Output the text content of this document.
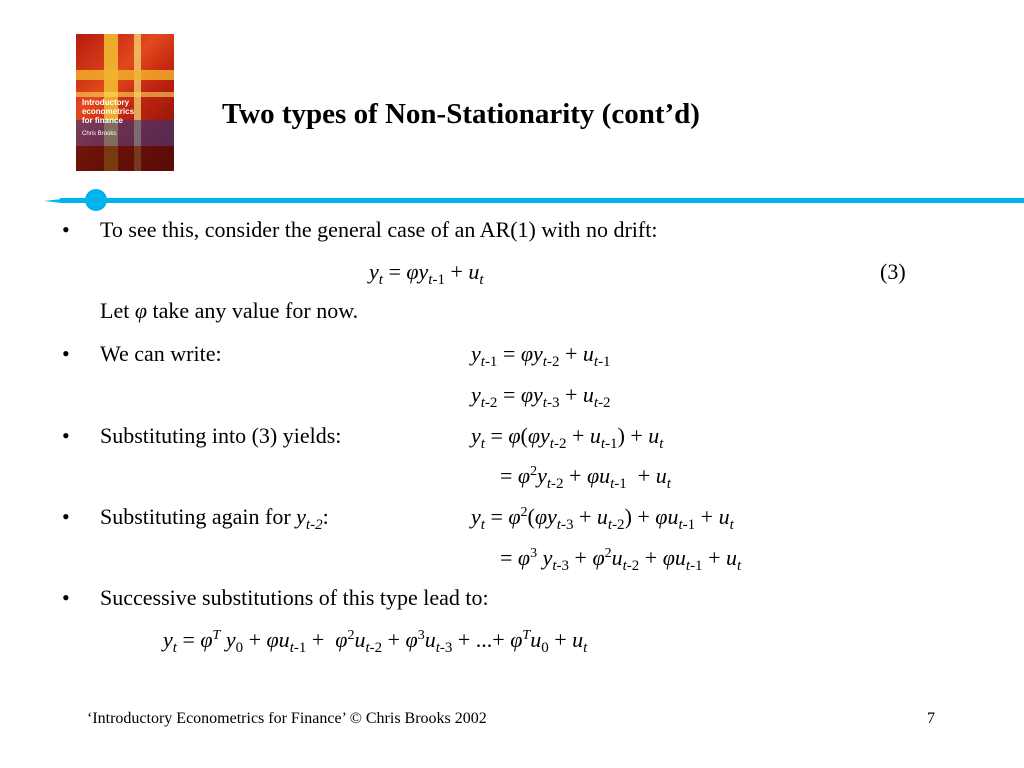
Introductory
econometrics
for finance
Chris Brooks
Two types of Non-Stationarity (cont’d)
• To see this, consider the general case of an AR(1) with no drift:
$y_t = \varphi y_{t-1} + u_t$	(3)
Let φ take any value for now.
• We can write:	$y_{t-1} = \varphi y_{t-2} + u_{t-1}$
$y_{t-2} = \varphi y_{t-3} + u_{t-2}$
• Substituting into (3) yields:	$y_t = \varphi(\varphi y_{t-2} + u_{t-1}) + u_t$
= $\varphi^2y_{t-2} + \varphi u_{t-1} + u_t$
• Substituting again for $y_{t-2}$:	$y_t = \varphi^2(\varphi y_{t-3} + u_{t-2}) + \varphi u_{t-1} + u_t$
= $\varphi^3$ $y_{t-3} + \varphi^2u_{t-2} + \varphi u_{t-1} + u_t$
• Successive substitutions of this type lead to:
$y_t = \varphi^T$ $y_0 + \varphi u_{t-1} + \varphi^2u_{t-2} + \varphi^3u_{t-3}$ + ...+ $\varphi^Tu_0 + u_t$
‘Introductory Econometrics for Finance’ © Chris Brooks 2002	7
